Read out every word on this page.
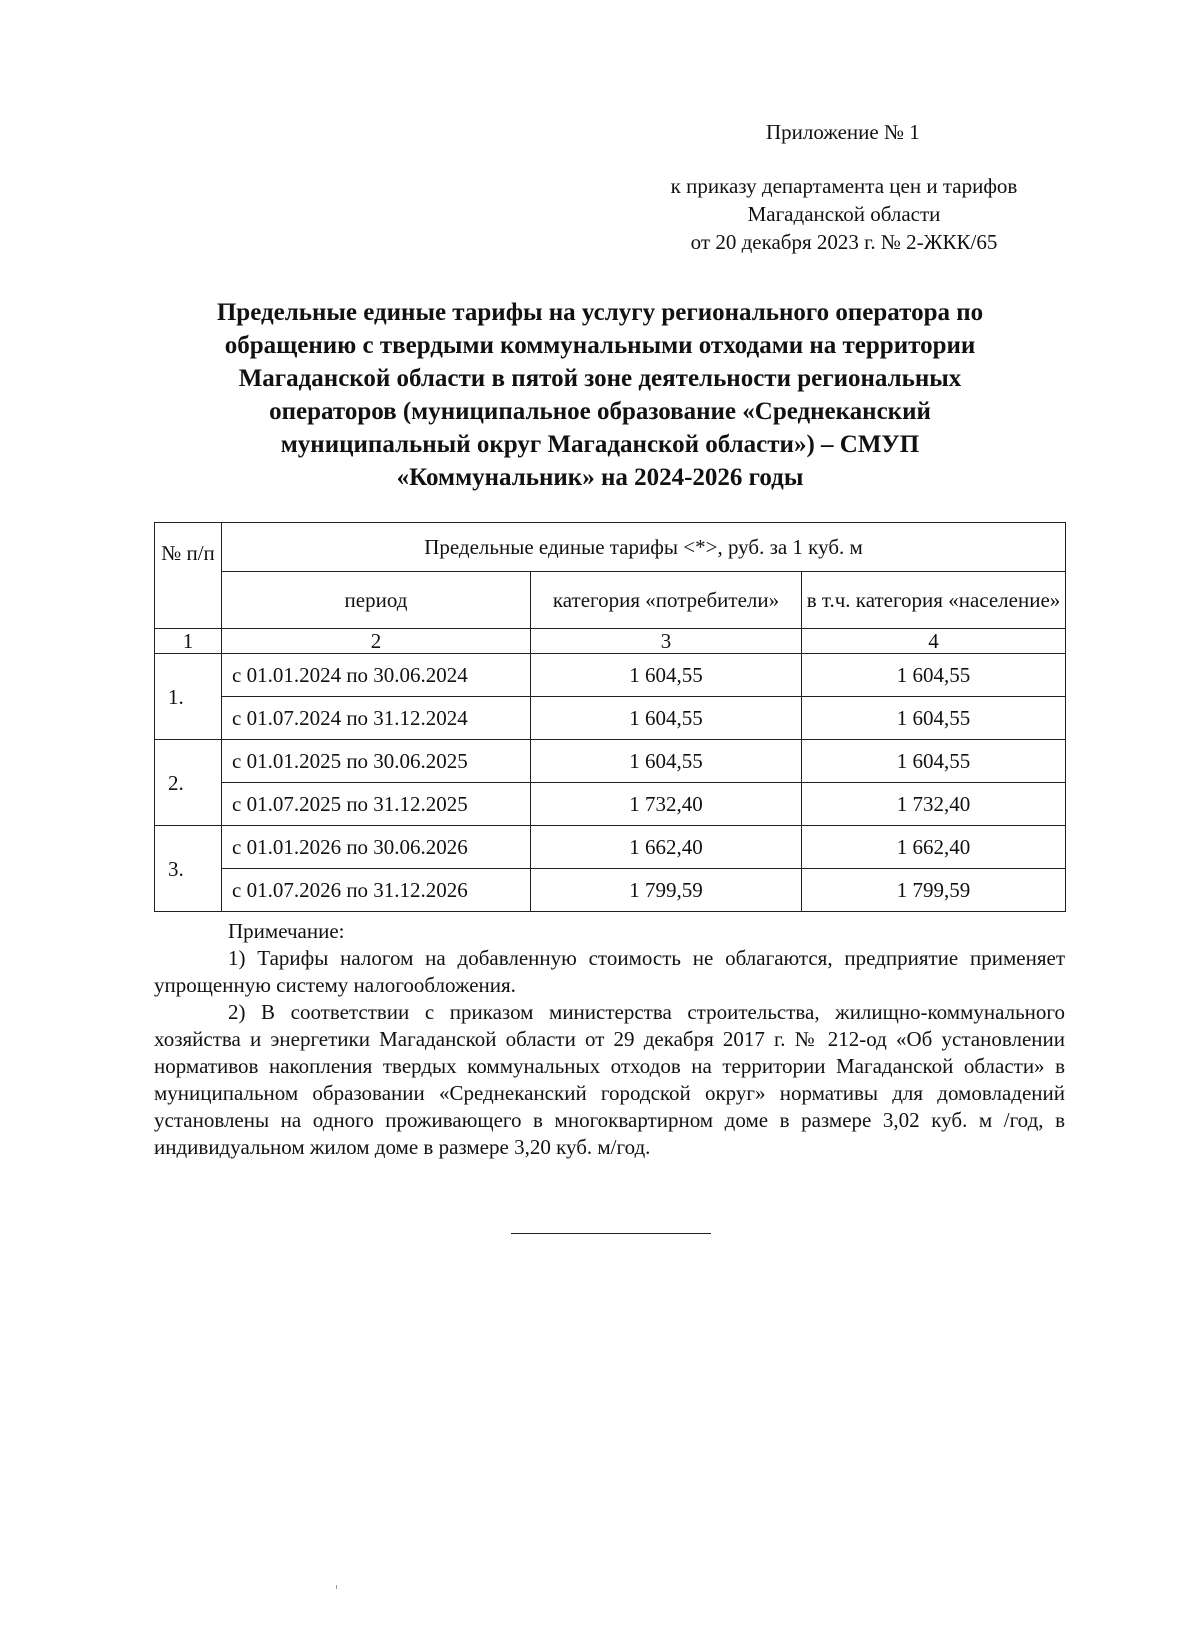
Приложение № 1
к приказу департамента цен и тарифов
Магаданской области
от 20 декабря 2023 г. № 2-ЖКК/65
Предельные единые тарифы на услугу регионального оператора по
обращению с твердыми коммунальными отходами на территории
Магаданской области в пятой зоне деятельности региональных
операторов (муниципальное образование «Среднеканский
муниципальный округ Магаданской области») – СМУП
«Коммунальник» на 2024-2026 годы
№ п/п	Предельные единые тарифы <*>, руб. за 1 куб. м		
	период	категория «потребители»	в т.ч. категория «население»
1	2	3	4
1.	с 01.01.2024 по 30.06.2024	1 604,55	1 604,55
	с 01.07.2024 по 31.12.2024	1 604,55	1 604,55
2.	с 01.01.2025 по 30.06.2025	1 604,55	1 604,55
	с 01.07.2025 по 31.12.2025	1 732,40	1 732,40
3.	с 01.01.2026 по 30.06.2026	1 662,40	1 662,40
	с 01.07.2026 по 31.12.2026	1 799,59	1 799,59
Примечание:

1) Тарифы налогом на добавленную стоимость не облагаются, предприятие применяет упрощенную систему налогообложения.

2) В соответствии с приказом министерства строительства, жилищно-коммунального хозяйства и энергетики Магаданской области от 29 декабря 2017 г. № 212-од «Об установлении нормативов накопления твердых коммунальных отходов на территории Магаданской области» в муниципальном образовании «Среднеканский городской округ» нормативы для домовладений установлены на одного проживающего в многоквартирном доме в размере 3,02 куб. м /год, в индивидуальном жилом доме в размере 3,20 куб. м/год.
